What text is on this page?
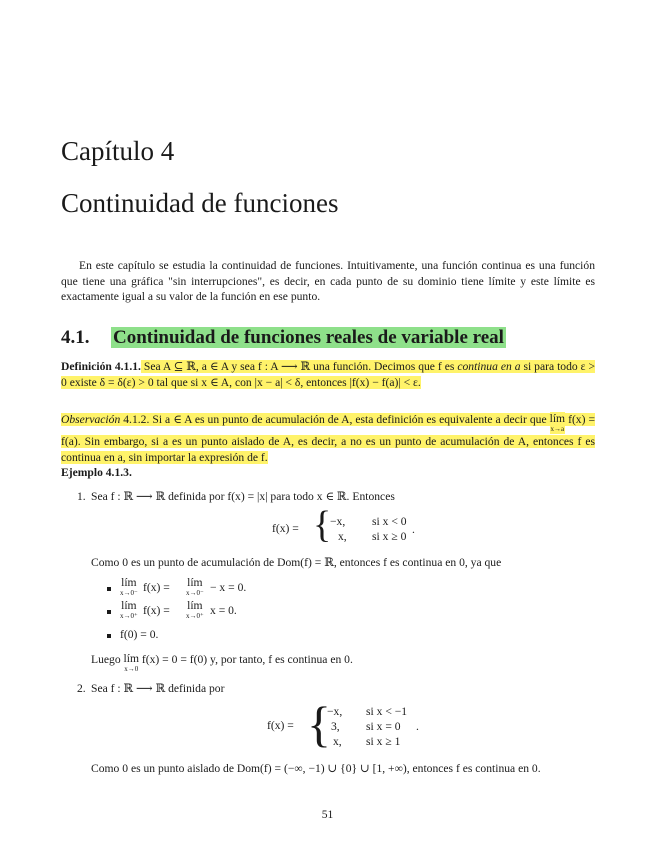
Capítulo 4
Continuidad de funciones
En este capítulo se estudia la continuidad de funciones. Intuitivamente, una función continua es una función que tiene una gráfica "sin interrupciones", es decir, en cada punto de su dominio tiene límite y este límite es exactamente igual a su valor de la función en ese punto.
4.1. Continuidad de funciones reales de variable real
Definición 4.1.1. Sea A ⊆ ℝ, a ∈ A y sea f : A ⟶ ℝ una función. Decimos que f es continua en a si para todo ε > 0 existe δ = δ(ε) > 0 tal que si x ∈ A, con |x − a| < δ, entonces |f(x) − f(a)| < ε.
Observación 4.1.2. Si a ∈ A es un punto de acumulación de A, esta definición es equivalente a decir que lím
x→a f(x) = f(a). Sin embargo, si a es un punto aislado de A, es decir, a no es un punto de acumulación de A, entonces f es continua en a, sin importar la expresión de f.
Ejemplo 4.1.3.
1. Sea f : ℝ ⟶ ℝ definida por f(x) = |x| para todo x ∈ ℝ. Entonces
f(x) = {
−x, si x < 0
x, si x ≥ 0
.
Como 0 es un punto de acumulación de Dom(f) = ℝ, entonces f es continua en 0, ya que
lím
x→0⁻ f(x) = lím
x→0⁻ − x = 0.
lím
x→0⁺ f(x) = lím
x→0⁺ x = 0.
f(0) = 0.
Luego lím
x→0 f(x) = 0 = f(0) y, por tanto, f es continua en 0.
2. Sea f : ℝ ⟶ ℝ definida por
f(x) = {
−x, si x < −1
3, si x = 0
x, si x ≥ 1
.
Como 0 es un punto aislado de Dom(f) = (−∞, −1) ∪ {0} ∪ [1, +∞), entonces f es continua en 0.
51
